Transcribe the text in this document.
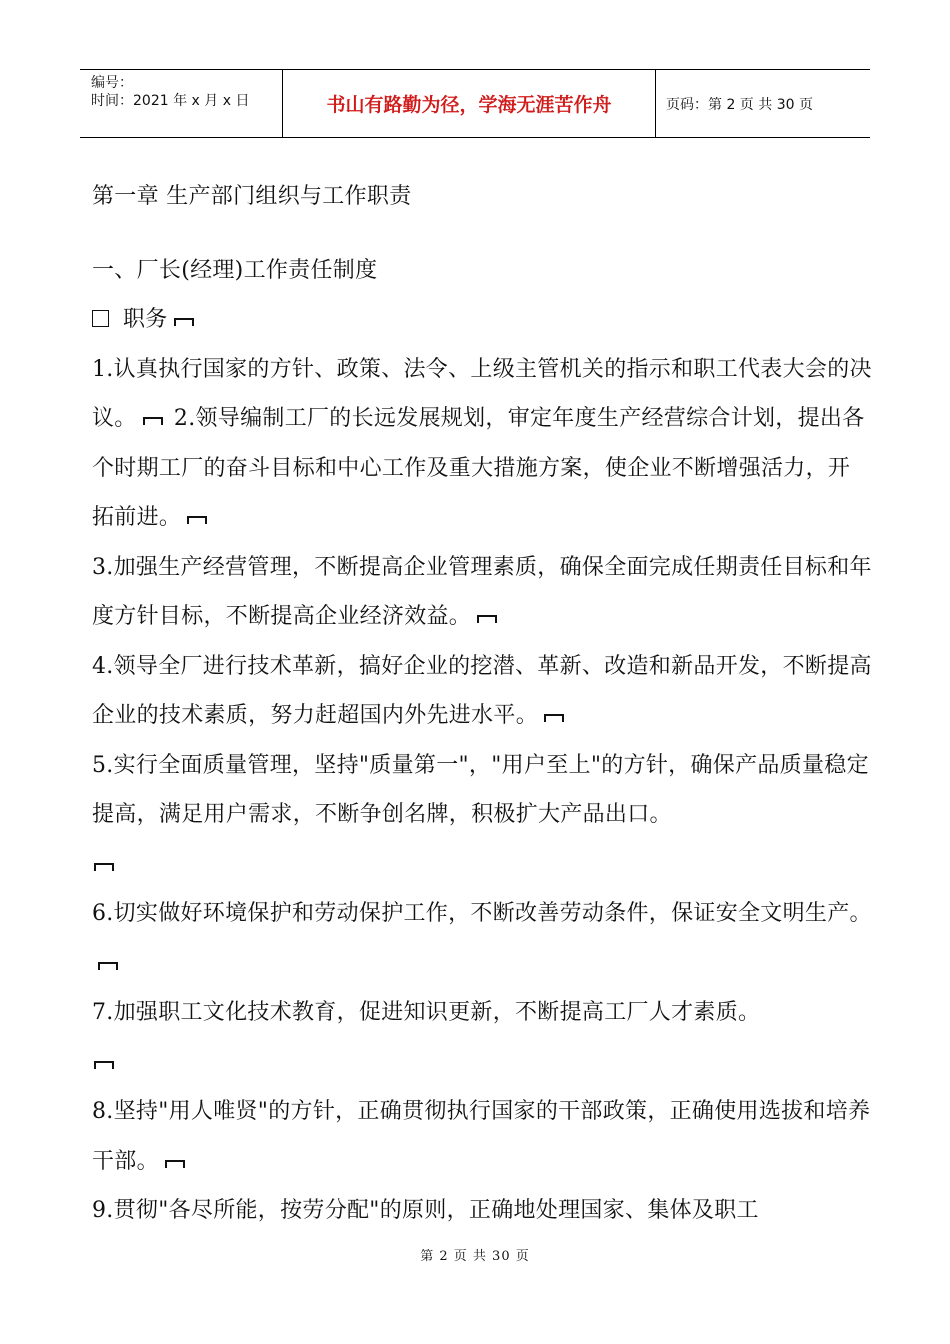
编号：
时间：2021 年 x 月 x 日	书山有路勤为径，学海无涯苦作舟	页码：第 2 页 共 30 页

第一章 生产部门组织与工作职责

一、厂长(经理)工作责任制度

职务

1.认真执行国家的方针、政策、法令、上级主管机关的指示和职工代表大会的决议。 2.领导编制工厂的长远发展规划，审定年度生产经营综合计划，提出各个时期工厂的奋斗目标和中心工作及重大措施方案，使企业不断增强活力，开拓前进。

3.加强生产经营管理，不断提高企业管理素质，确保全面完成任期责任目标和年度方针目标，不断提高企业经济效益。

4.领导全厂进行技术革新，搞好企业的挖潜、革新、改造和新品开发，不断提高企业的技术素质，努力赶超国内外先进水平。

5.实行全面质量管理，坚持"质量第一"，"用户至上"的方针，确保产品质量稳定提高，满足用户需求，不断争创名牌，积极扩大产品出口。

6.切实做好环境保护和劳动保护工作，不断改善劳动条件，保证安全文明生产。

7.加强职工文化技术教育，促进知识更新，不断提高工厂人才素质。

8.坚持"用人唯贤"的方针，正确贯彻执行国家的干部政策，正确使用选拔和培养干部。

9.贯彻"各尽所能，按劳分配"的原则，正确地处理国家、集体及职工

第 2 页 共 30 页
